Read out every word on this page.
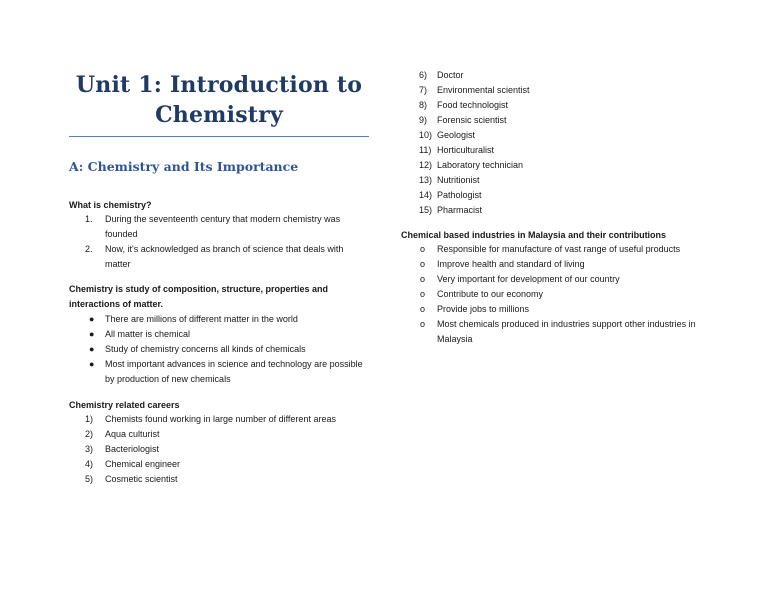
Unit 1: Introduction to
Chemistry
A: Chemistry and Its Importance
What is chemistry?
1. During the seventeenth century that modern chemistry was founded
2. Now, it's acknowledged as branch of science that deals with matter
Chemistry is study of composition, structure, properties and interactions of matter.
● There are millions of different matter in the world
● All matter is chemical
● Study of chemistry concerns all kinds of chemicals
● Most important advances in science and technology are possible by production of new chemicals
Chemistry related careers
1) Chemists found working in large number of different areas
2) Aqua culturist
3) Bacteriologist
4) Chemical engineer
5) Cosmetic scientist
6) Doctor
7) Environmental scientist
8) Food technologist
9) Forensic scientist
10) Geologist
11) Horticulturalist
12) Laboratory technician
13) Nutritionist
14) Pathologist
15) Pharmacist
Chemical based industries in Malaysia and their contributions
o Responsible for manufacture of vast range of useful products
o Improve health and standard of living
o Very important for development of our country
o Contribute to our economy
o Provide jobs to millions
o Most chemicals produced in industries support other industries in Malaysia
